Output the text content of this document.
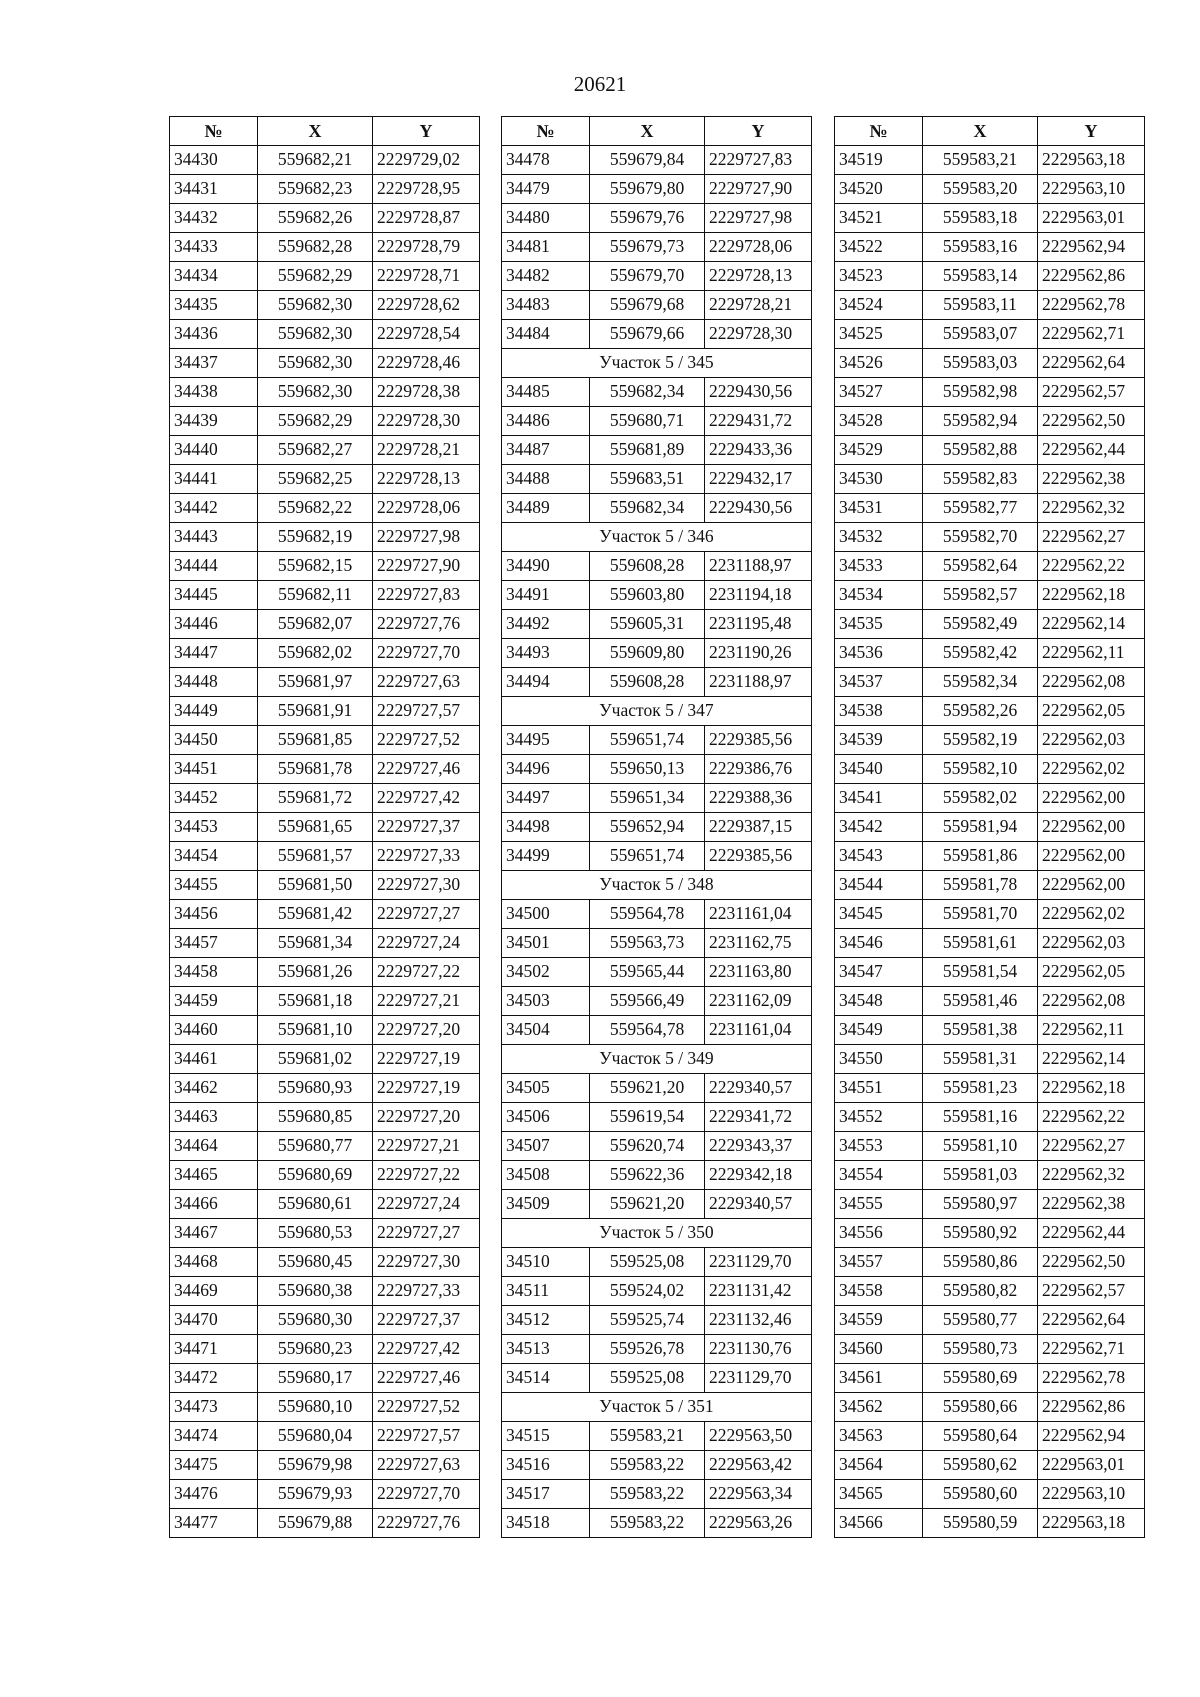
20621
№	X	Y
34430	559682,21	2229729,02
34431	559682,23	2229728,95
34432	559682,26	2229728,87
34433	559682,28	2229728,79
34434	559682,29	2229728,71
34435	559682,30	2229728,62
34436	559682,30	2229728,54
34437	559682,30	2229728,46
34438	559682,30	2229728,38
34439	559682,29	2229728,30
34440	559682,27	2229728,21
34441	559682,25	2229728,13
34442	559682,22	2229728,06
34443	559682,19	2229727,98
34444	559682,15	2229727,90
34445	559682,11	2229727,83
34446	559682,07	2229727,76
34447	559682,02	2229727,70
34448	559681,97	2229727,63
34449	559681,91	2229727,57
34450	559681,85	2229727,52
34451	559681,78	2229727,46
34452	559681,72	2229727,42
34453	559681,65	2229727,37
34454	559681,57	2229727,33
34455	559681,50	2229727,30
34456	559681,42	2229727,27
34457	559681,34	2229727,24
34458	559681,26	2229727,22
34459	559681,18	2229727,21
34460	559681,10	2229727,20
34461	559681,02	2229727,19
34462	559680,93	2229727,19
34463	559680,85	2229727,20
34464	559680,77	2229727,21
34465	559680,69	2229727,22
34466	559680,61	2229727,24
34467	559680,53	2229727,27
34468	559680,45	2229727,30
34469	559680,38	2229727,33
34470	559680,30	2229727,37
34471	559680,23	2229727,42
34472	559680,17	2229727,46
34473	559680,10	2229727,52
34474	559680,04	2229727,57
34475	559679,98	2229727,63
34476	559679,93	2229727,70
34477	559679,88	2229727,76
№	X	Y
34478	559679,84	2229727,83
34479	559679,80	2229727,90
34480	559679,76	2229727,98
34481	559679,73	2229728,06
34482	559679,70	2229728,13
34483	559679,68	2229728,21
34484	559679,66	2229728,30
Участок 5 / 345		
34485	559682,34	2229430,56
34486	559680,71	2229431,72
34487	559681,89	2229433,36
34488	559683,51	2229432,17
34489	559682,34	2229430,56
Участок 5 / 346		
34490	559608,28	2231188,97
34491	559603,80	2231194,18
34492	559605,31	2231195,48
34493	559609,80	2231190,26
34494	559608,28	2231188,97
Участок 5 / 347		
34495	559651,74	2229385,56
34496	559650,13	2229386,76
34497	559651,34	2229388,36
34498	559652,94	2229387,15
34499	559651,74	2229385,56
Участок 5 / 348		
34500	559564,78	2231161,04
34501	559563,73	2231162,75
34502	559565,44	2231163,80
34503	559566,49	2231162,09
34504	559564,78	2231161,04
Участок 5 / 349		
34505	559621,20	2229340,57
34506	559619,54	2229341,72
34507	559620,74	2229343,37
34508	559622,36	2229342,18
34509	559621,20	2229340,57
Участок 5 / 350		
34510	559525,08	2231129,70
34511	559524,02	2231131,42
34512	559525,74	2231132,46
34513	559526,78	2231130,76
34514	559525,08	2231129,70
Участок 5 / 351		
34515	559583,21	2229563,50
34516	559583,22	2229563,42
34517	559583,22	2229563,34
34518	559583,22	2229563,26
№	X	Y
34519	559583,21	2229563,18
34520	559583,20	2229563,10
34521	559583,18	2229563,01
34522	559583,16	2229562,94
34523	559583,14	2229562,86
34524	559583,11	2229562,78
34525	559583,07	2229562,71
34526	559583,03	2229562,64
34527	559582,98	2229562,57
34528	559582,94	2229562,50
34529	559582,88	2229562,44
34530	559582,83	2229562,38
34531	559582,77	2229562,32
34532	559582,70	2229562,27
34533	559582,64	2229562,22
34534	559582,57	2229562,18
34535	559582,49	2229562,14
34536	559582,42	2229562,11
34537	559582,34	2229562,08
34538	559582,26	2229562,05
34539	559582,19	2229562,03
34540	559582,10	2229562,02
34541	559582,02	2229562,00
34542	559581,94	2229562,00
34543	559581,86	2229562,00
34544	559581,78	2229562,00
34545	559581,70	2229562,02
34546	559581,61	2229562,03
34547	559581,54	2229562,05
34548	559581,46	2229562,08
34549	559581,38	2229562,11
34550	559581,31	2229562,14
34551	559581,23	2229562,18
34552	559581,16	2229562,22
34553	559581,10	2229562,27
34554	559581,03	2229562,32
34555	559580,97	2229562,38
34556	559580,92	2229562,44
34557	559580,86	2229562,50
34558	559580,82	2229562,57
34559	559580,77	2229562,64
34560	559580,73	2229562,71
34561	559580,69	2229562,78
34562	559580,66	2229562,86
34563	559580,64	2229562,94
34564	559580,62	2229563,01
34565	559580,60	2229563,10
34566	559580,59	2229563,18
